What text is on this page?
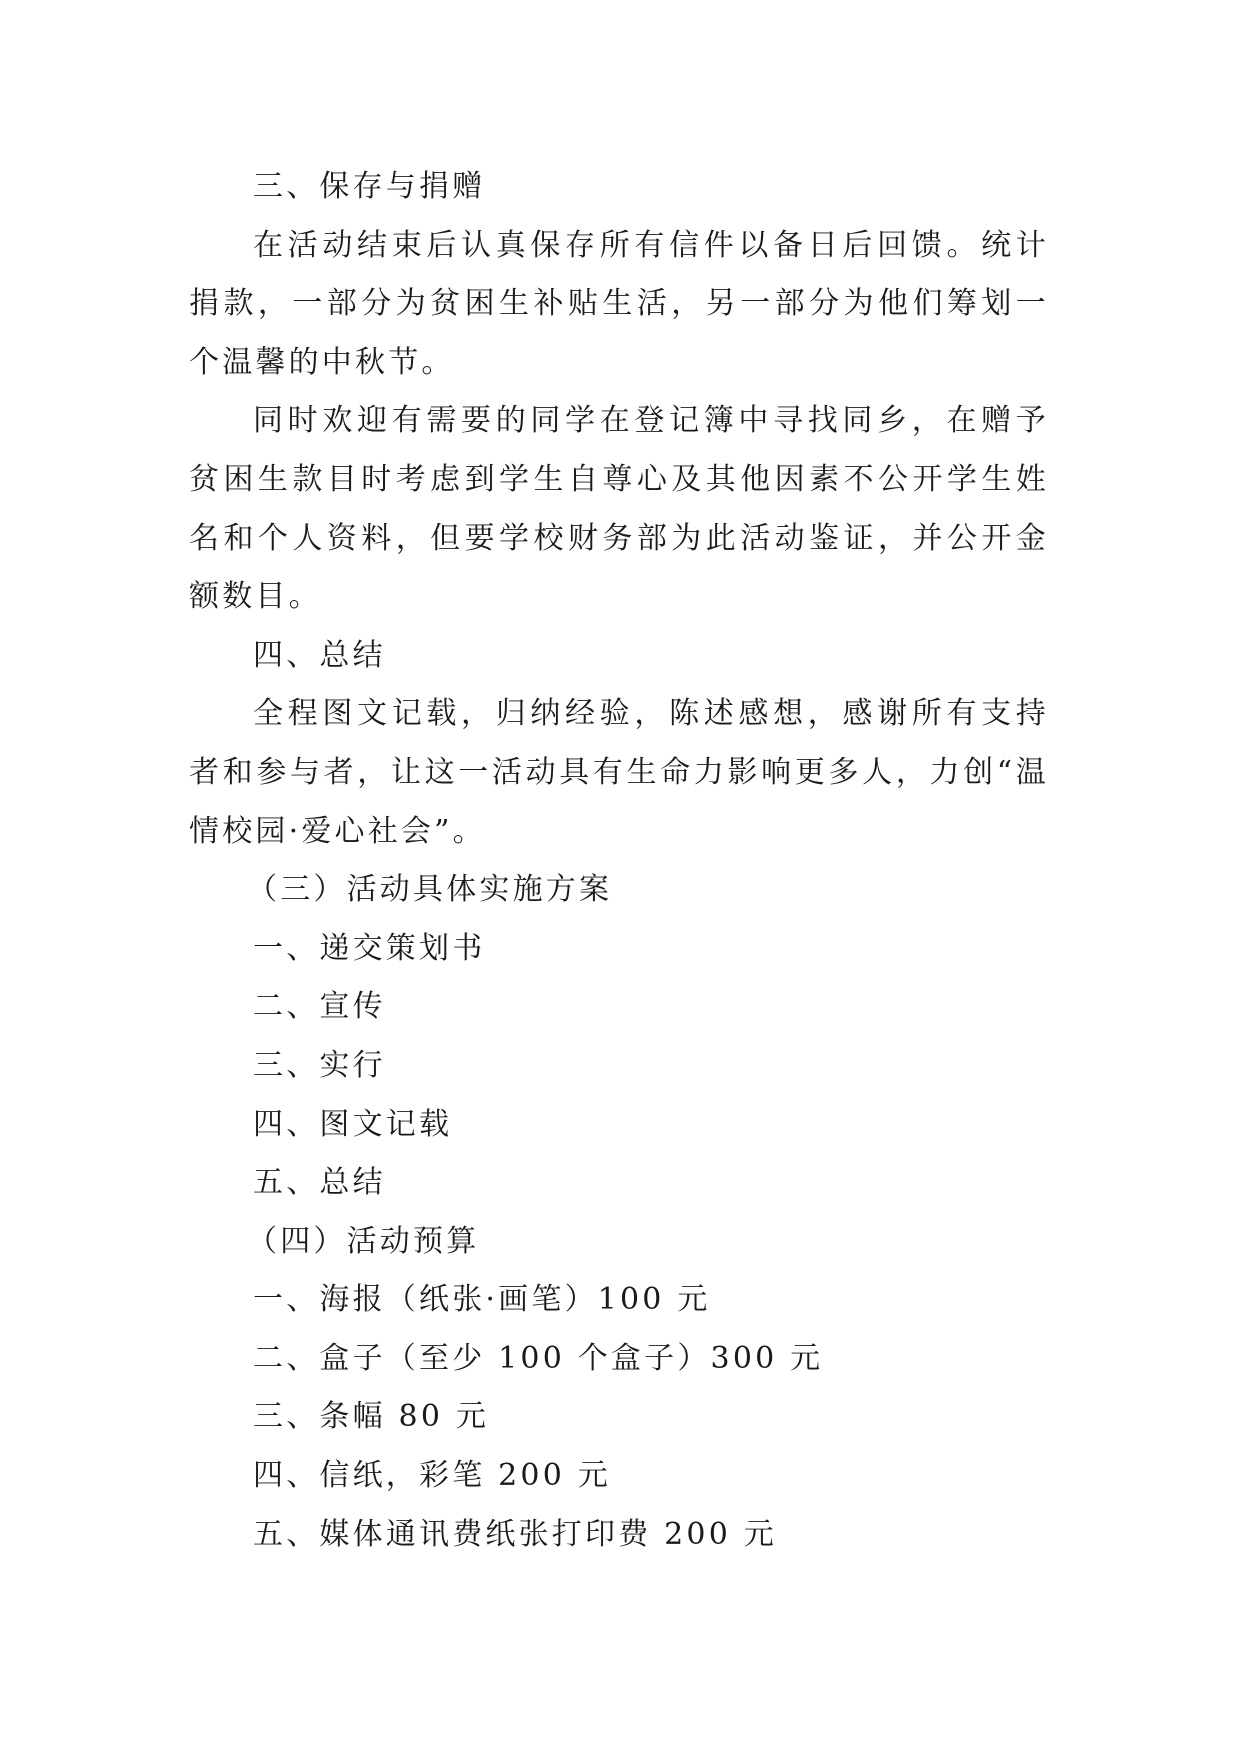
三、保存与捐赠

在活动结束后认真保存所有信件以备日后回馈。统计捐款，一部分为贫困生补贴生活，另一部分为他们筹划一个温馨的中秋节。

同时欢迎有需要的同学在登记簿中寻找同乡，在赠予贫困生款目时考虑到学生自尊心及其他因素不公开学生姓名和个人资料，但要学校财务部为此活动鉴证，并公开金额数目。

四、总结

全程图文记载，归纳经验，陈述感想，感谢所有支持者和参与者，让这一活动具有生命力影响更多人，力创“温情校园·爱心社会”。

（三）活动具体实施方案

一、递交策划书

二、宣传

三、实行

四、图文记载

五、总结

（四）活动预算

一、海报（纸张·画笔）100 元

二、盒子（至少 100 个盒子）300 元

三、条幅 80 元

四、信纸，彩笔 200 元

五、媒体通讯费纸张打印费 200 元
